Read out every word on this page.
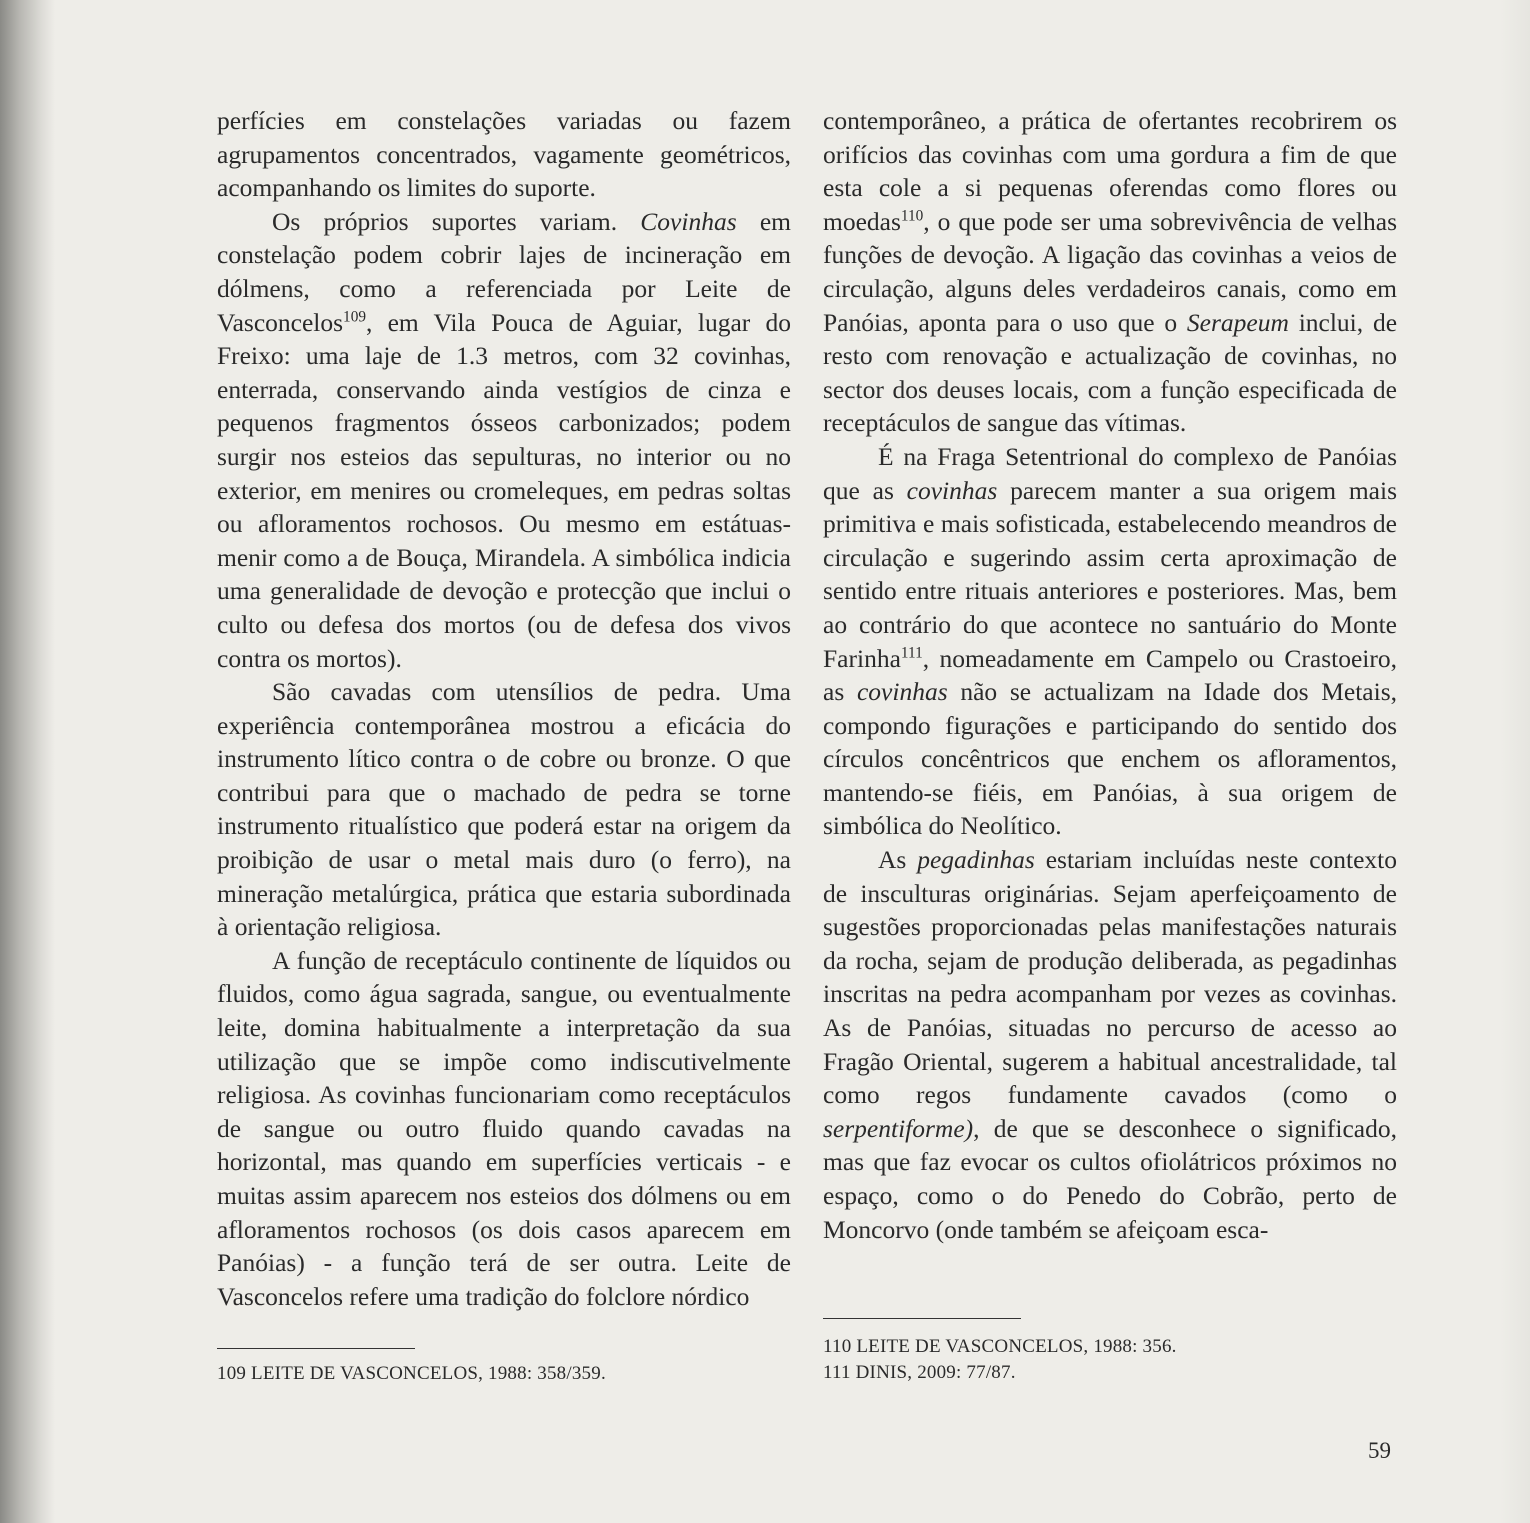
perfícies em constelações variadas ou fazem agrupamentos concentrados, vagamente geométricos, acompanhando os limites do suporte.

Os próprios suportes variam. Covinhas em constelação podem cobrir lajes de incineração em dólmens, como a referenciada por Leite de Vasconcelos$^{109}$, em Vila Pouca de Aguiar, lugar do Freixo: uma laje de 1.3 metros, com 32 covinhas, enterrada, conservando ainda vestígios de cinza e pequenos fragmentos ósseos carbonizados; podem surgir nos esteios das sepulturas, no interior ou no exterior, em menires ou cromeleques, em pedras soltas ou afloramentos rochosos. Ou mesmo em estátuas-menir como a de Bouça, Mirandela. A simbólica indicia uma generalidade de devoção e protecção que inclui o culto ou defesa dos mortos (ou de defesa dos vivos contra os mortos).

São cavadas com utensílios de pedra. Uma experiência contemporânea mostrou a eficácia do instrumento lítico contra o de cobre ou bronze. O que contribui para que o machado de pedra se torne instrumento ritualístico que poderá estar na origem da proibição de usar o metal mais duro (o ferro), na mineração metalúrgica, prática que estaria subordinada à orientação religiosa.

A função de receptáculo continente de líquidos ou fluidos, como água sagrada, sangue, ou eventualmente leite, domina habitualmente a interpretação da sua utilização que se impõe como indiscutivelmente religiosa. As covinhas funcionariam como receptáculos de sangue ou outro fluido quando cavadas na horizontal, mas quando em superfícies verticais - e muitas assim aparecem nos esteios dos dólmens ou em afloramentos rochosos (os dois casos aparecem em Panóias) - a função terá de ser outra. Leite de Vasconcelos refere uma tradição do folclore nórdico

contemporâneo, a prática de ofertantes recobrirem os orifícios das covinhas com uma gordura a fim de que esta cole a si pequenas oferendas como flores ou moedas$^{110}$, o que pode ser uma sobrevivência de velhas funções de devoção. A ligação das covinhas a veios de circulação, alguns deles verdadeiros canais, como em Panóias, aponta para o uso que o Serapeum inclui, de resto com renovação e actualização de covinhas, no sector dos deuses locais, com a função especificada de receptáculos de sangue das vítimas.

É na Fraga Setentrional do complexo de Panóias que as covinhas parecem manter a sua origem mais primitiva e mais sofisticada, estabelecendo meandros de circulação e sugerindo assim certa aproximação de sentido entre rituais anteriores e posteriores. Mas, bem ao contrário do que acontece no santuário do Monte Farinha$^{111}$, nomeadamente em Campelo ou Crastoeiro, as covinhas não se actualizam na Idade dos Metais, compondo figurações e participando do sentido dos círculos concêntricos que enchem os afloramentos, mantendo-se fiéis, em Panóias, à sua origem de simbólica do Neolítico.

As pegadinhas estariam incluídas neste contexto de insculturas originárias. Sejam aperfeiçoamento de sugestões proporcionadas pelas manifestações naturais da rocha, sejam de produção deliberada, as pegadinhas inscritas na pedra acompanham por vezes as covinhas. As de Panóias, situadas no percurso de acesso ao Fragão Oriental, sugerem a habitual ancestralidade, tal como regos fundamente cavados (como o serpentiforme), de que se desconhece o significado, mas que faz evocar os cultos ofiolátricos próximos no espaço, como o do Penedo do Cobrão, perto de Moncorvo (onde também se afeiçoam esca-

109 LEITE DE VASCONCELOS, 1988: 358/359.
110 LEITE DE VASCONCELOS, 1988: 356.
111 DINIS, 2009: 77/87.
59
